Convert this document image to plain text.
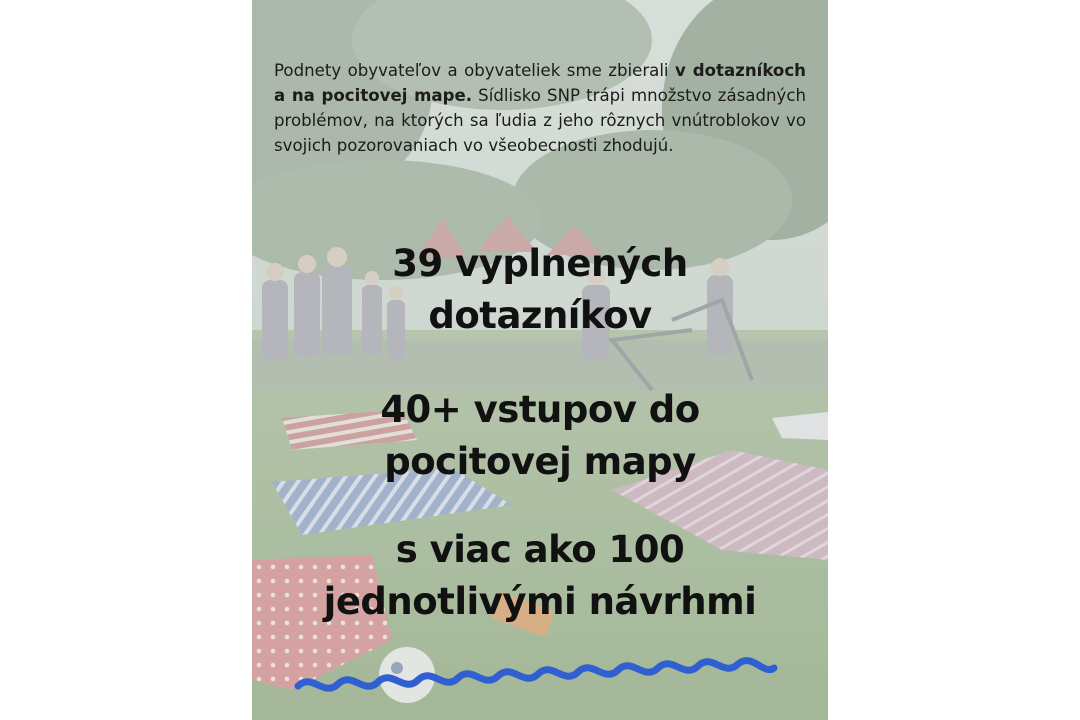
Podnety obyvateľov a obyvateliek sme zbierali v dotazníkoch a na pocitovej mape. Sídlisko SNP trápi množstvo zásadných problémov, na ktorých sa ľudia z jeho rôznych vnútroblokov vo svojich pozorovaniach vo všeobecnosti zhodujú.

39 vyplnených
dotazníkov
40+ vstupov do
pocitovej mapy
s viac ako 100
jednotlivými návrhmi
